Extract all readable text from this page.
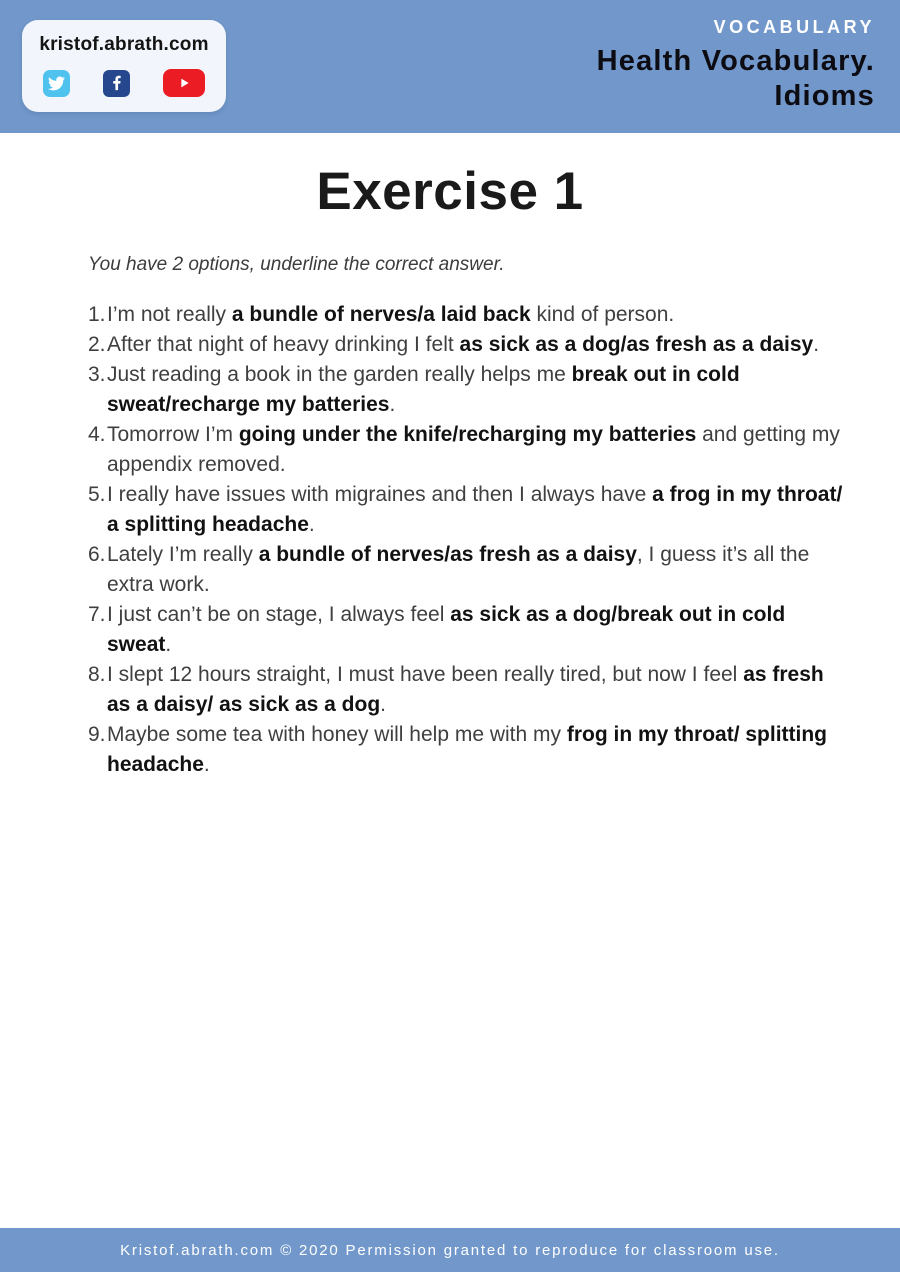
kristof.abrath.com
VOCABULARY
Health Vocabulary.
Idioms
Exercise 1

You have 2 options, underline the correct answer.

1. I’m not really a bundle of nerves/a laid back kind of person.
2. After that night of heavy drinking I felt as sick as a dog/as fresh as a daisy.
3. Just reading a book in the garden really helps me break out in cold sweat/recharge my batteries.
4. Tomorrow I’m going under the knife/recharging my batteries and getting my appendix removed.
5. I really have issues with migraines and then I always have a frog in my throat/ a splitting headache.
6. Lately I’m really a bundle of nerves/as fresh as a daisy, I guess it’s all the extra work.
7. I just can’t be on stage, I always feel as sick as a dog/break out in cold sweat.
8. I slept 12 hours straight, I must have been really tired, but now I feel as fresh as a daisy/ as sick as a dog.
9. Maybe some tea with honey will help me with my frog in my throat/ splitting headache.
Kristof.abrath.com © 2020 Permission granted to reproduce for classroom use.
